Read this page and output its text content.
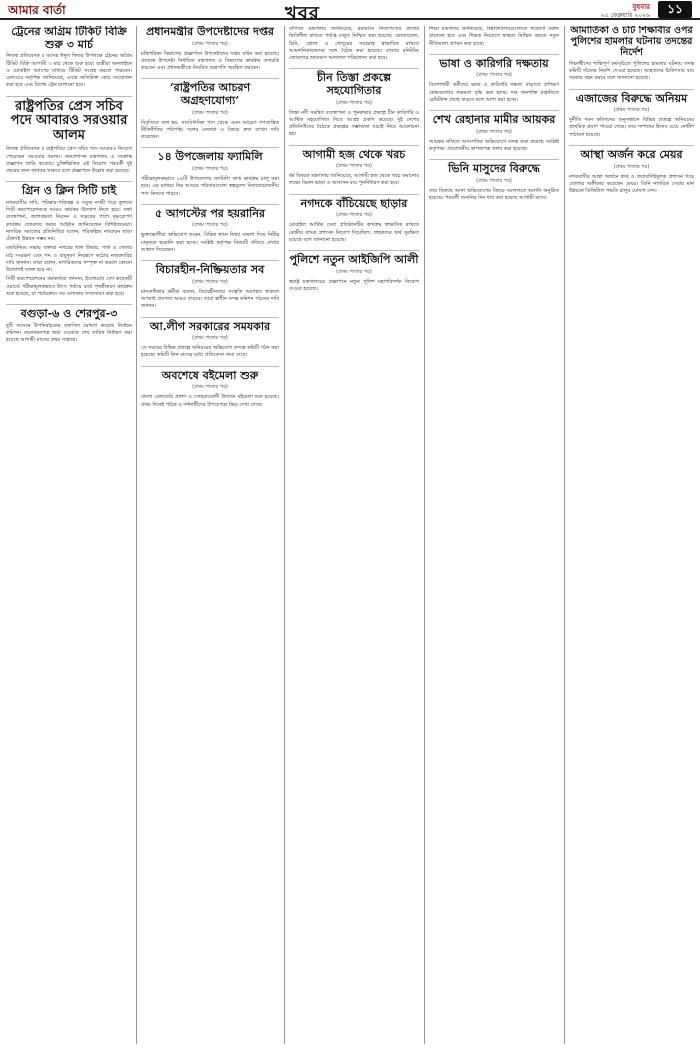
আমার বার্তা	খবর	বুধবার
২৫ ফেব্রুয়ারি ২০২৬	১১
ট্রেনের অগ্রিম টিকিট বিক্রি শুরু ৩ মার্চ

নিজস্ব প্রতিবেদক ॥ আসন্ন ঈদুল ফিতর উপলক্ষে ট্রেনের অগ্রিম টিকিট বিক্রি আগামী ৩ মার্চ থেকে শুরু হবে। যাত্রীরা অনলাইনে ও মোবাইল অ্যাপের মাধ্যমে টিকিট সংগ্রহ করতে পারবেন। রেলওয়ে কর্তৃপক্ষ জানিয়েছে, এবার অতিরিক্ত কোচ সংযোজন করা হবে এবং বিশেষ ট্রেন চালানো হবে।

রাষ্ট্রপতির প্রেস সচিব পদে আবারও সরওয়ার আলম

নিজস্ব প্রতিবেদক ॥ রাষ্ট্রপতির প্রেস সচিব পদে আবারও নিয়োগ পেয়েছেন সরওয়ার আলম। জনপ্রশাসন মন্ত্রণালয় এ সংক্রান্ত প্রজ্ঞাপন জারি করেছে। চুক্তিভিত্তিক এই নিয়োগ পরবর্তী দুই বছরের জন্য কার্যকর থাকবে বলে প্রজ্ঞাপনে উল্লেখ করা হয়েছে।

গ্রিন ও ক্লিন সিটি চাই

নগরবাসীর দাবি, পরিষ্কার-পরিচ্ছন্ন ও সবুজ নগরী গড়ে তুলতে সিটি করপোরেশনকে আরও কার্যকর উদ্যোগ নিতে হবে। বর্জ্য ব্যবস্থাপনা, জলাবদ্ধতা নিরসন ও সড়কের পাশে বৃক্ষরোপণ কার্যক্রম জোরদার করার আহ্বান জানিয়েছেন বিশিষ্টজনেরা। নাগরিক সমাজের প্রতিনিধিরা বলেন, পরিকল্পিত নগরায়ন ছাড়া টেকসই উন্নয়ন সম্ভব নয়।

মতবিনিময় সভায় বক্তারা নগরের খাল উদ্ধার, পার্ক ও খেলার মাঠ সংরক্ষণ এবং শব্দ ও বায়ুদূষণ নিয়ন্ত্রণে কঠোর নজরদারির দাবি জানান। তারা বলেন, নাগরিকদের সম্পৃক্ত না করলে কোনো উদ্যোগই সফল হবে না।

সিটি করপোরেশনের কর্মকর্তারা জানান, ইতোমধ্যে বেশ কয়েকটি ওয়ার্ডে পরীক্ষামূলকভাবে উৎস পর্যায়ে বর্জ্য পৃথকীকরণ কার্যক্রম শুরু হয়েছে, যা পর্যায়ক্রমে সব এলাকায় সম্প্রসারণ করা হবে।

বগুড়া-৬ ও শেরপুর-৩

দুটি আসনে উপনির্বাচনের তফসিল ঘোষণা করেছে নির্বাচন কমিশন। মনোনয়নপত্র জমা দেওয়ার শেষ তারিখ নির্ধারণ করা হয়েছে আগামী মাসের প্রথম সপ্তাহে।

প্রধানমন্ত্রীর উপদেষ্টাদের দপ্তর
(প্রথম পাতার পর)

মন্ত্রিপরিষদ বিভাগের প্রজ্ঞাপনে উপদেষ্টাদের দপ্তর বণ্টন করা হয়েছে। প্রত্যেক উপদেষ্টা নির্ধারিত মন্ত্রণালয় ও বিভাগের কার্যক্রম তদারকি করবেন এবং প্রধানমন্ত্রীকে নিয়মিত অগ্রগতি অবহিত করবেন।

‘রাষ্ট্রপতির আচরণ অগ্রহণযোগ্য’
(প্রথম পাতার পর)

বিবৃতিতে বলা হয়, সাংবিধানিক পদে থেকে এমন আচরণ গণতান্ত্রিক রীতিনীতির পরিপন্থি। দলের নেতারা এ বিষয়ে দ্রুত ব্যাখ্যা দাবি করেছেন।

১৪ উপজেলায় ফ্যামিলি
(প্রথম পাতার পর)

পরীক্ষামূলকভাবে ১৪টি উপজেলায় ফ্যামিলি কার্ড কার্যক্রম চালু করা হবে। এর মাধ্যমে নিম্ন আয়ের পরিবারগুলো স্বল্পমূল্যে নিত্যপ্রয়োজনীয় পণ্য কিনতে পারবে।

৫ আগস্টের পর হয়রানির
(প্রথম পাতার পর)

ভুক্তভোগীরা অভিযোগ করেন, বিভিন্ন স্থানে মিথ্যা মামলা দিয়ে নিরীহ মানুষকে হয়রানি করা হচ্ছে। সংশ্লিষ্ট কর্তৃপক্ষ বিষয়টি খতিয়ে দেখার আশ্বাস দিয়েছেন।

বিচারহীন-নিষ্ক্রিয়তার সব
(প্রথম পাতার পর)

মানবাধিকার কর্মীরা বলেন, বিচারহীনতার সংস্কৃতি অব্যাহত থাকলে অপরাধ প্রবণতা আরও বাড়বে। তারা স্বাধীন তদন্ত কমিশন গঠনের দাবি জানান।

আ.লীগ সরকারের সমযকার
(প্রথম পাতার পর)

সে সময়ের বিভিন্ন প্রকল্পে অনিয়মের অভিযোগ তদন্তে কমিটি গঠন করা হয়েছে। কমিটি তিন মাসের মধ্যে প্রতিবেদন জমা দেবে।

অবশেষে বইমেলা শুরু
(প্রথম পাতার পর)

বাংলা একাডেমি প্রাঙ্গণ ও সোহরাওয়ার্দী উদ্যানে বইমেলা শুরু হয়েছে। প্রথম দিনেই পাঠক ও দর্শনার্থীদের উপচেপড়া ভিড় দেখা গেছে।

বাণিজ্য মন্ত্রণালয় জানিয়েছে, রমজানে নিত্যপণ্যের বাজার স্থিতিশীল রাখতে পর্যাপ্ত মজুত নিশ্চিত করা হয়েছে। ভোজ্যতেল, চিনি, ছোলা ও খেজুরের সরবরাহ স্বাভাবিক রাখতে আমদানিকারকদের সঙ্গে বৈঠক করা হয়েছে। বাজার মনিটরিং জোরদারে ভ্রাম্যমাণ আদালত পরিচালনা করা হবে।

চীন তিস্তা প্রকল্পে সহযোগিতার
(প্রথম পাতার পর)

তিস্তা নদী সমন্বিত ব্যবস্থাপনা ও পুনরুদ্ধার প্রকল্পে চীন কারিগরি ও আর্থিক সহযোগিতা দিতে আগ্রহ প্রকাশ করেছে। দুই দেশের প্রতিনিধিদের বৈঠকে প্রকল্পের সম্ভাব্যতা যাচাই নিয়ে আলোচনা হয়।

আগামী হজ থেকে খরচ
(প্রথম পাতার পর)

ধর্ম বিষয়ক মন্ত্রণালয় জানিয়েছে, আগামী হজ থেকে খরচ কমানোর লক্ষ্যে বিমান ভাড়া ও আবাসন ব্যয় পুনর্নির্ধারণ করা হবে।

নগদকে বাঁচিয়েছে ছাড়ার
(প্রথম পাতার পর)

মোবাইল আর্থিক সেবা প্রতিষ্ঠানটির কার্যক্রম স্বাভাবিক রাখতে কেন্দ্রীয় ব্যাংক প্রশাসক নিয়োগ দিয়েছিল। গ্রাহকদের অর্থ সুরক্ষিত রয়েছে বলে জানানো হয়েছে।

পুলিশে নতুন আইজিপি আলী
(প্রথম পাতার পর)

স্বরাষ্ট্র মন্ত্রণালয়ের প্রজ্ঞাপনে নতুন পুলিশ মহাপরিদর্শক নিয়োগ দেওয়া হয়েছে।

শিক্ষা মন্ত্রণালয় জানিয়েছে, বিশ্ববিদ্যালয়গুলোতে গবেষণা বরাদ্দ বাড়ানো হবে এবং শিক্ষক নিয়োগে স্বচ্ছতা নিশ্চিত করতে নতুন নীতিমালা প্রণয়ন করা হচ্ছে।

ভাষা ও কারিগরি দক্ষতায়
(প্রথম পাতার পর)

বিদেশগামী কর্মীদের ভাষা ও কারিগরি দক্ষতা বাড়াতে প্রশিক্ষণ কেন্দ্রগুলোর সক্ষমতা বৃদ্ধি করা হচ্ছে। দক্ষ জনশক্তি রপ্তানিতে রেমিট্যান্স প্রবাহ বাড়বে বলে আশা করা হচ্ছে।

শেখ রেহানার মামীর আয়কর
(প্রথম পাতার পর)

আয়কর নথিতে অসংগতির অভিযোগে তদন্ত শুরু করেছে সংশ্লিষ্ট কর্তৃপক্ষ। প্রয়োজনীয় কাগজপত্র তলব করা হয়েছে।

ভিনি মাসুদের বিরুদ্ধে
(প্রথম পাতার পর)

তার বিরুদ্ধে আনা অভিযোগের বিষয়ে আদালতে শুনানি অনুষ্ঠিত হয়েছে। পরবর্তী শুনানির দিন ধার্য করা হয়েছে আগামী মাসে।

আমার্তিকা ও চর্টি শিক্ষাবীর ওপর পুলিশের হামলার ঘটনায় তদন্তের নির্দেশ

শিক্ষার্থীদের শান্তিপূর্ণ কর্মসূচিতে পুলিশের হামলার ঘটনায় তদন্ত কমিটি গঠনের নির্দেশ দেওয়া হয়েছে। আহতদের চিকিৎসার ব্যয় সরকার বহন করবে বলে জানানো হয়েছে।

এজাজের বিরুদ্ধে অনিয়ম
(প্রথম পাতার পর)

দুর্নীতি দমন কমিশনের অনুসন্ধানে বিভিন্ন প্রকল্পে অনিয়মের প্রাথমিক প্রমাণ পাওয়া গেছে। তার সম্পদের হিসাব চেয়ে নোটিশ পাঠানো হয়েছে।

আস্থা অর্জন করে মেয়র
(প্রথম পাতার পর)

নগরবাসীর আস্থা অর্জনে স্বচ্ছ ও জবাবদিহিমূলক প্রশাসন গড়ে তোলার অঙ্গীকার করেছেন মেয়র। তিনি নাগরিক সেবার মান উন্নয়নে ডিজিটাল পদ্ধতি চালুর ঘোষণা দেন।
